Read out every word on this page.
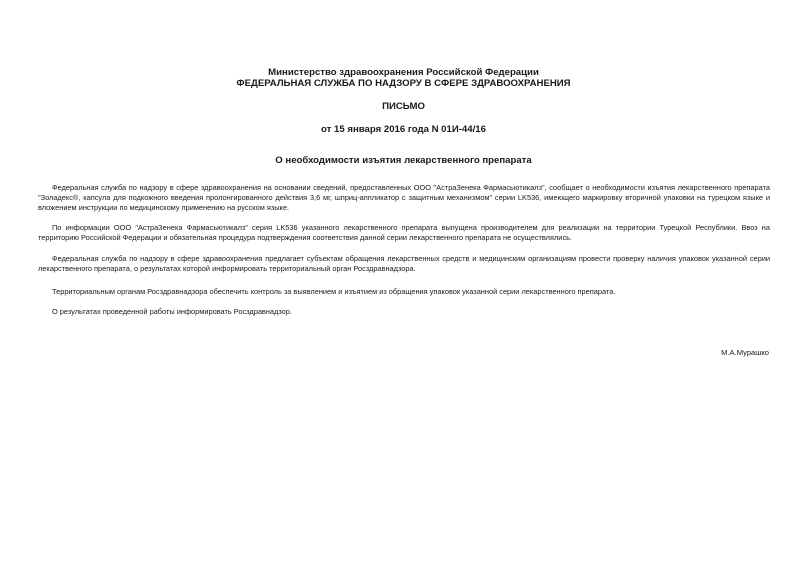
Министерство здравоохранения Российской Федерации
ФЕДЕРАЛЬНАЯ СЛУЖБА ПО НАДЗОРУ В СФЕРЕ ЗДРАВООХРАНЕНИЯ
ПИСЬМО
от 15 января 2016 года N 01И-44/16
О необходимости изъятия лекарственного препарата

Федеральная служба по надзору в сфере здравоохранения на основании сведений, предоставленных ООО "АстраЗенека Фармасьютикалз", сообщает о необходимости изъятия лекарственного препарата "Золадекс®, капсула для подкожного введения пролонгированного действия 3,6 мг, шприц-аппликатор с защитным механизмом" серии LK536, имеющего маркировку вторичной упаковки на турецком языке и вложением инструкции по медицинскому применению на русском языке.

По информации ООО "АстраЗенека Фармасьютикалз" серия LK536 указанного лекарственного препарата выпущена производителем для реализации на территории Турецкой Республики. Ввоз на территорию Российской Федерации и обязательная процедура подтверждения соответствия данной серии лекарственного препарата не осуществлялись.

Федеральная служба по надзору в сфере здравоохранения предлагает субъектам обращения лекарственных средств и медицинским организациям провести проверку наличия упаковок указанной серии лекарственного препарата, о результатах которой информировать территориальный орган Росздравнадзора.

Территориальным органам Росздравнадзора обеспечить контроль за выявлением и изъятием из обращения упаковок указанной серии лекарственного препарата.

О результатах проведенной работы информировать Росздравнадзор.

М.А.Мурашко
